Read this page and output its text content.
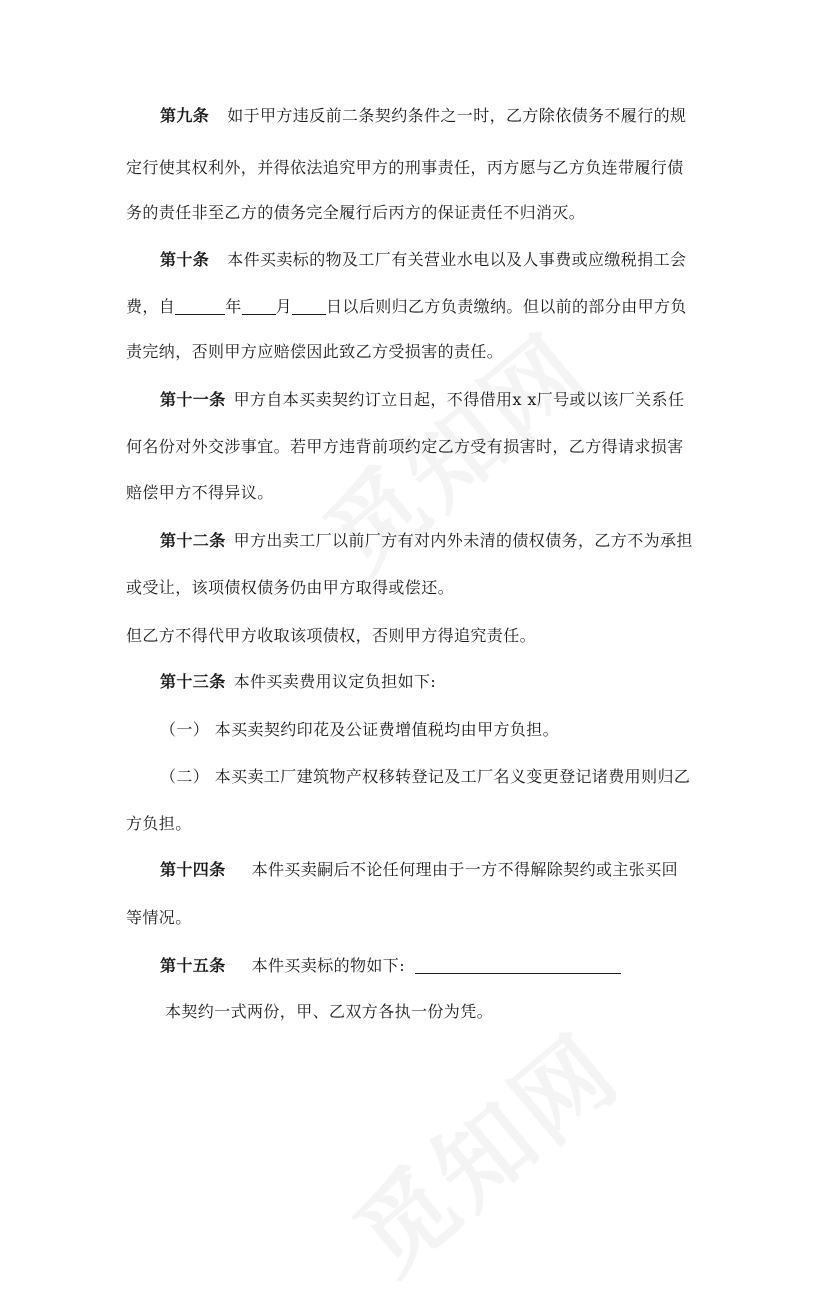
第九条 如于甲方违反前二条契约条件之一时，乙方除依债务不履行的规
定行使其权利外，并得依法追究甲方的刑事责任，丙方愿与乙方负连带履行债
务的责任非至乙方的债务完全履行后丙方的保证责任不归消灭。
第十条 本件买卖标的物及工厂有关营业水电以及人事费或应缴税捐工会
费，自	年 月 日以后则归乙方负责缴纳。但以前的部分由甲方负
责完纳，否则甲方应赔偿因此致乙方受损害的责任。
第十一条 甲方自本买卖契约订立日起，不得借用x x厂号或以该厂关系任
何名份对外交涉事宜。若甲方违背前项约定乙方受有损害时，乙方得请求损害
赔偿甲方不得异议。
第十二条 甲方出卖工厂以前厂方有对内外未清的债权债务，乙方不为承担
或受让，该项债权债务仍由甲方取得或偿还。
但乙方不得代甲方收取该项债权，否则甲方得追究责任。
第十三条 本件买卖费用议定负担如下:
（一） 本买卖契约印花及公证费增值税均由甲方负担。
（二） 本买卖工厂建筑物产权移转登记及工厂名义变更登记诸费用则归乙
方负担。
第十四条 本件买卖嗣后不论任何理由于一方不得解除契约或主张买回
等情况。
第十五条 本件买卖标的物如下:
本契约一式两份，甲、乙双方各执一份为凭。
